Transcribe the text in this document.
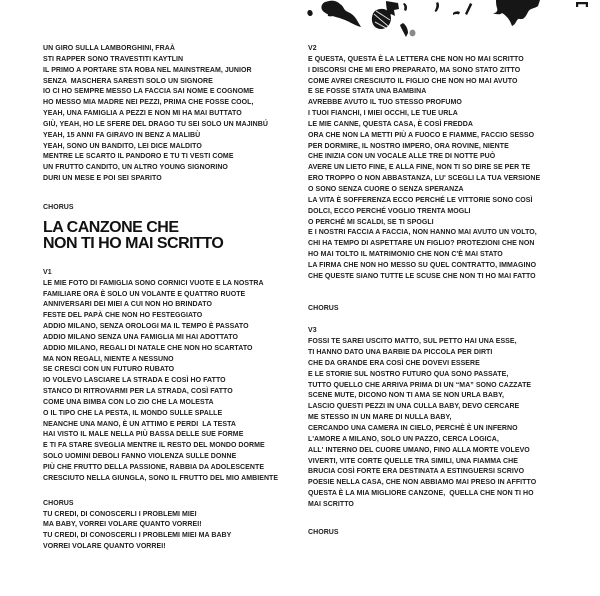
UN GIRO SULLA LAMBORGHINI, FRAÀ
STI RAPPER SONO TRAVESTITI KAYTLIN
IL PRIMO A PORTARE STA ROBA NEL MAINSTREAM, JUNIOR
SENZA  MASCHERA SARESTI SOLO UN SIGNORE
IO CI HO SEMPRE MESSO LA FACCIA SAI NOME E COGNOME
HO MESSO MIA MADRE NEI PEZZI, PRIMA CHE FOSSE COOL,
YEAH, UNA FAMIGLIA A PEZZI E NON MI HA MAI BUTTATO
GIÙ, YEAH, HO LE SFERE DEL DRAGO TU SEI SOLO UN MAJINBÚ
YEAH, 15 ANNI FA GIRAVO IN BENZ A MALIBÙ
YEAH, SONO UN BANDITO, LEI DICE MALDITO
MENTRE LE SCARTO IL PANDORO E TU TI VESTI COME
UN FRUTTO CANDITO, UN ALTRO YOUNG SIGNORINO
DURI UN MESE E POI SEI SPARITO
CHORUS
LA CANZONE CHE
NON TI HO MAI SCRITTO
V1
LE MIE FOTO DI FAMIGLIA SONO CORNICI VUOTE E LA NOSTRA
FAMILIARE ORA È SOLO UN VOLANTE E QUATTRO RUOTE
ANNIVERSARI DEI MIEI A CUI NON HO BRINDATO
FESTE DEL PAPÀ CHE NON HO FESTEGGIATO
ADDIO MILANO, SENZA OROLOGI MA IL TEMPO È PASSATO
ADDIO MILANO SENZA UNA FAMIGLIA MI HAI ADOTTATO
ADDIO MILANO, REGALI DI NATALE CHE NON HO SCARTATO
MA NON REGALI, NIENTE A NESSUNO
SE CRESCI CON UN FUTURO RUBATO
IO VOLEVO LASCIARE LA STRADA E COSÌ HO FATTO
STANCO DI RITROVARMI PER LA STRADA, COSÌ FATTO
COME UNA BIMBA CON LO ZIO CHE LA MOLESTA
O IL TIPO CHE LA PESTA, IL MONDO SULLE SPALLE
NEANCHE UNA MANO, È UN ATTIMO E PERDI  LA TESTA
HAI VISTO IL MALE NELLA PIÙ BASSA DELLE SUE FORME
E TI FA STARE SVEGLIA MENTRE IL RESTO DEL MONDO DORME
SOLO UOMINI DEBOLI FANNO VIOLENZA SULLE DONNE
PIÙ CHE FRUTTO DELLA PASSIONE, RABBIA DA ADOLESCENTE
CRESCIUTO NELLA GIUNGLA, SONO IL FRUTTO DEL MIO AMBIENTE
CHORUS
TU CREDI, DI CONOSCERLI I PROBLEMI MIEI
MA BABY, VORREI VOLARE QUANTO VORREI!
TU CREDI, DI CONOSCERLI I PROBLEMI MIEI MA BABY
VORREI VOLARE QUANTO VORREI!
V2
E QUESTA, QUESTA È LA LETTERA CHE NON HO MAI SCRITTO
I DISCORSI CHE MI ERO PREPARATO, MA SONO STATO ZITTO
COME AVREI CRESCIUTO IL FIGLIO CHE NON HO MAI AVUTO
E SE FOSSE STATA UNA BAMBINA
AVREBBE AVUTO IL TUO STESSO PROFUMO
I TUOI FIANCHI, I MIEI OCCHI, LE TUE URLA
LE MIE CANNE, QUESTA CASA, È COSÌ FREDDA
ORA CHE NON LA METTI PIÙ A FUOCO E FIAMME, FACCIO SESSO
PER DORMIRE, IL NOSTRO IMPERO, ORA ROVINE, NIENTE
CHE INIZIA CON UN VOCALE ALLE TRE DI NOTTE PUÒ
AVERE UN LIETO FINE, E ALLA FINE, NON TI SO DIRE SE PER TE
ERO TROPPO O NON ABBASTANZA, LU' SCEGLI LA TUA VERSIONE
O SONO SENZA CUORE O SENZA SPERANZA
LA VITA È SOFFERENZA ECCO PERCHÉ LE VITTORIE SONO COSÌ
DOLCI, ECCO PERCHÉ VOGLIO TRENTA MOGLI
O PERCHÉ MI SCALDI, SE TI SPOGLI
E I NOSTRI FACCIA A FACCIA, NON HANNO MAI AVUTO UN VOLTO,
CHI HA TEMPO DI ASPETTARE UN FIGLIO? PROTEZIONI CHE NON
HO MAI TOLTO IL MATRIMONIO CHE NON C'È MAI STATO
LA FIRMA CHE NON HO MESSO SU QUEL CONTRATTO, IMMAGINO
CHE QUESTE SIANO TUTTE LE SCUSE CHE NON TI HO MAI FATTO
CHORUS
V3
FOSSI TE SAREI USCITO MATTO, SUL PETTO HAI UNA ESSE,
TI HANNO DATO UNA BARBIE DA PICCOLA PER DIRTI
CHE DA GRANDE ERA COSÌ CHE DOVEVI ESSERE
E LE STORIE SUL NOSTRO FUTURO QUA SONO PASSATE,
TUTTO QUELLO CHE ARRIVA PRIMA DI UN “MA” SONO CAZZATE
SCENE MUTE, DICONO NON TI AMA SE NON URLA BABY,
LASCIO QUESTI PEZZI IN UNA CULLA BABY, DEVO CERCARE
ME STESSO IN UN MARE DI NULLA BABY,
CERCANDO UNA CAMERA IN CIELO, PERCHÈ È UN INFERNO
L'AMORE A MILANO, SOLO UN PAZZO, CERCA LOGICA,
ALL' INTERNO DEL CUORE UMANO, FINO ALLA MORTE VOLEVO
VIVERTI, VITE CORTE QUELLE TRA SIMILI, UNA FIAMMA CHE
BRUCIA COSÌ FORTE ERA DESTINATA A ESTINGUERSI SCRIVO
POESIE NELLA CASA, CHE NON ABBIAMO MAI PRESO IN AFFITTO
QUESTA È LA MIA MIGLIORE CANZONE,  QUELLA CHE NON TI HO
MAI SCRITTO
CHORUS
